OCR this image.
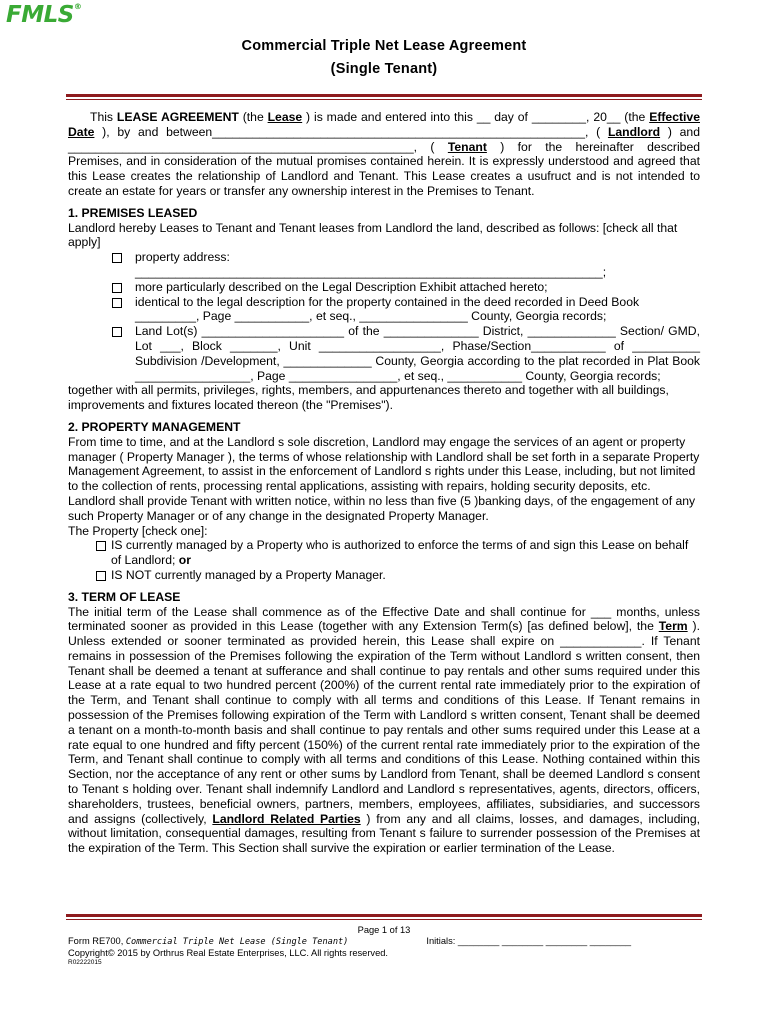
FMLS®
Commercial Triple Net Lease Agreement
(Single Tenant)

This LEASE AGREEMENT (the Lease ) is made and entered into this __ day of ________, 20__ (the Effective

Date ), by and between_______________________________________________________, ( Landlord ) and

___________________________________________________, ( Tenant ) for the hereinafter described

Premises, and in consideration of the mutual promises contained herein. It is expressly understood and agreed that this Lease creates the relationship of Landlord and Tenant. This Lease creates a usufruct and is not intended to create an estate for years or transfer any ownership interest in the Premises to Tenant.

1. PREMISES LEASED

Landlord hereby Leases to Tenant and Tenant leases from Landlord the land, described as follows: [check all that apply]

property address: _____________________________________________________________________;
more particularly described on the Legal Description Exhibit attached hereto;
identical to the legal description for the property contained in the deed recorded in Deed Book _________, Page ___________, et seq., ________________ County, Georgia records;
Land Lot(s) _____________________ of the ______________ District, _____________ Section/ GMD, Lot ___, Block _______, Unit __________________, Phase/Section___________ of __________ Subdivision /Development, _____________ County, Georgia according to the plat recorded in Plat Book _________________, Page ________________, et seq., ___________ County, Georgia records;

together with all permits, privileges, rights, members, and appurtenances thereto and together with all buildings, improvements and fixtures located thereon (the "Premises").

2. PROPERTY MANAGEMENT

From time to time, and at the Landlord s sole discretion, Landlord may engage the services of an agent or property manager ( Property Manager ), the terms of whose relationship with Landlord shall be set forth in a separate Property Management Agreement, to assist in the enforcement of Landlord s rights under this Lease, including, but not limited to the collection of rents, processing rental applications, assisting with repairs, holding security deposits, etc. Landlord shall provide Tenant with written notice, within no less than five (5 )banking days, of the engagement of any such Property Manager or of any change in the designated Property Manager.

The Property [check one]:

IS currently managed by a Property who is authorized to enforce the terms of and sign this Lease on behalf of Landlord; or
IS NOT currently managed by a Property Manager.

3. TERM OF LEASE

The initial term of the Lease shall commence as of the Effective Date and shall continue for ___ months, unless terminated sooner as provided in this Lease (together with any Extension Term(s) [as defined below], the Term ). Unless extended or sooner terminated as provided herein, this Lease shall expire on ____________. If Tenant remains in possession of the Premises following the expiration of the Term without Landlord s written consent, then Tenant shall be deemed a tenant at sufferance and shall continue to pay rentals and other sums required under this Lease at a rate equal to two hundred percent (200%) of the current rental rate immediately prior to the expiration of the Term, and Tenant shall continue to comply with all terms and conditions of this Lease. If Tenant remains in possession of the Premises following expiration of the Term with Landlord s written consent, Tenant shall be deemed a tenant on a month-to-month basis and shall continue to pay rentals and other sums required under this Lease at a rate equal to one hundred and fifty percent (150%) of the current rental rate immediately prior to the expiration of the Term, and Tenant shall continue to comply with all terms and conditions of this Lease. Nothing contained within this Section, nor the acceptance of any rent or other sums by Landlord from Tenant, shall be deemed Landlord s consent to Tenant s holding over. Tenant shall indemnify Landlord and Landlord s representatives, agents, directors, officers, shareholders, trustees, beneficial owners, partners, members, employees, affiliates, subsidiaries, and successors and assigns (collectively, Landlord Related Parties ) from any and all claims, losses, and damages, including, without limitation, consequential damages, resulting from Tenant s failure to surrender possession of the Premises at the expiration of the Term. This Section shall survive the expiration or earlier termination of the Lease.

Page 1 of 13
Form RE700, Commercial Triple Net Lease (Single Tenant)	Initials: ________ ________ ________ ________
Copyright© 2015 by Orthrus Real Estate Enterprises, LLC. All rights reserved.
R02222015
